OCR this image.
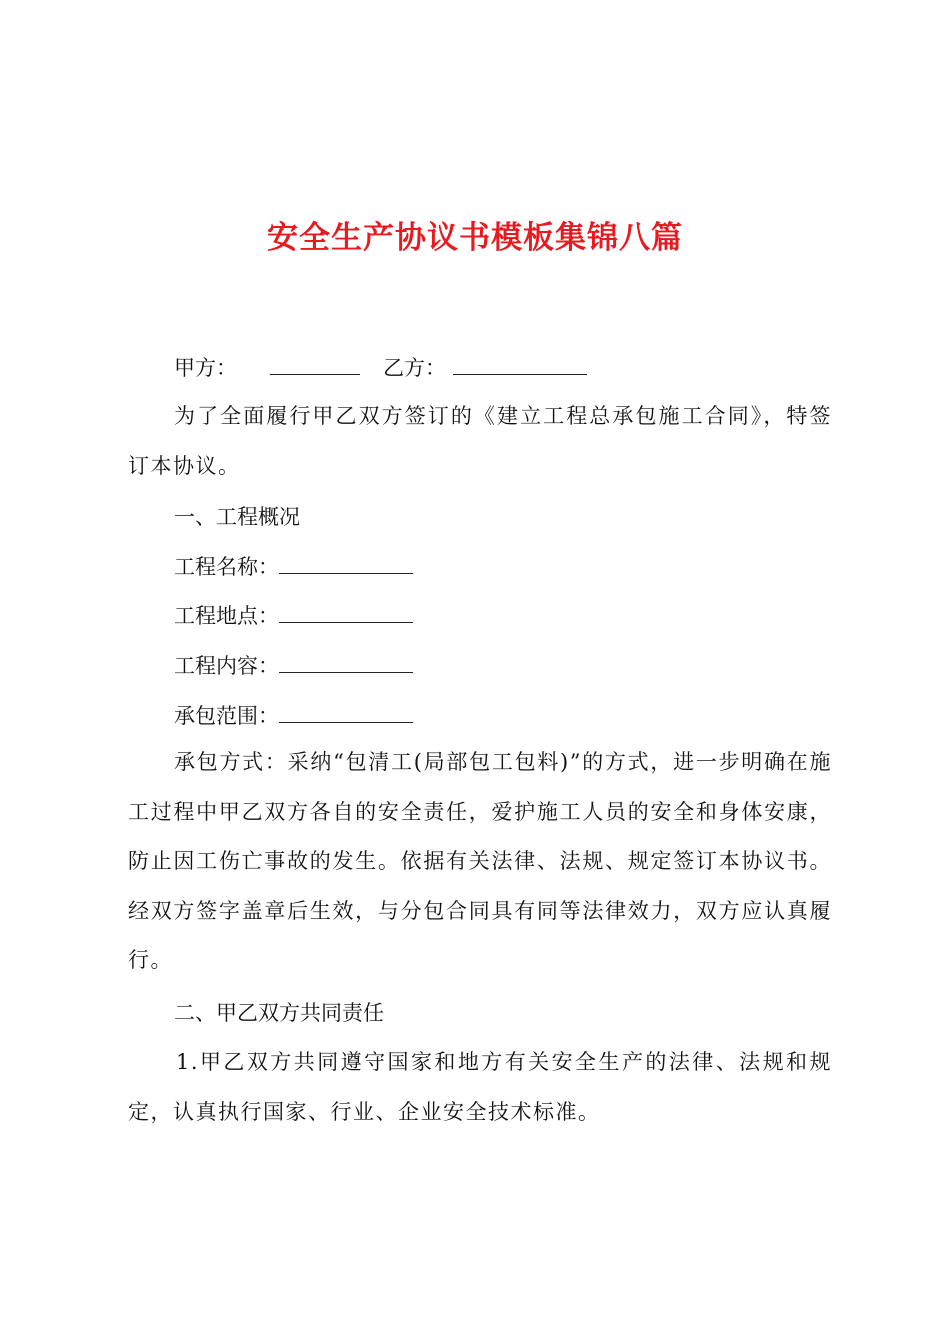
安全生产协议书模板集锦八篇
甲方：	乙方：
为了全面履行甲乙双方签订的《建立工程总承包施工合同》，特签订本协议。
一、工程概况
工程名称：
工程地点：
工程内容：
承包范围：
承包方式：采纳“包清工(局部包工包料)”的方式，进一步明确在施工过程中甲乙双方各自的安全责任，爱护施工人员的安全和身体安康，防止因工伤亡事故的发生。依据有关法律、法规、规定签订本协议书。经双方签字盖章后生效，与分包合同具有同等法律效力，双方应认真履行。
二、甲乙双方共同责任
1.甲乙双方共同遵守国家和地方有关安全生产的法律、法规和规定，认真执行国家、行业、企业安全技术标准。
